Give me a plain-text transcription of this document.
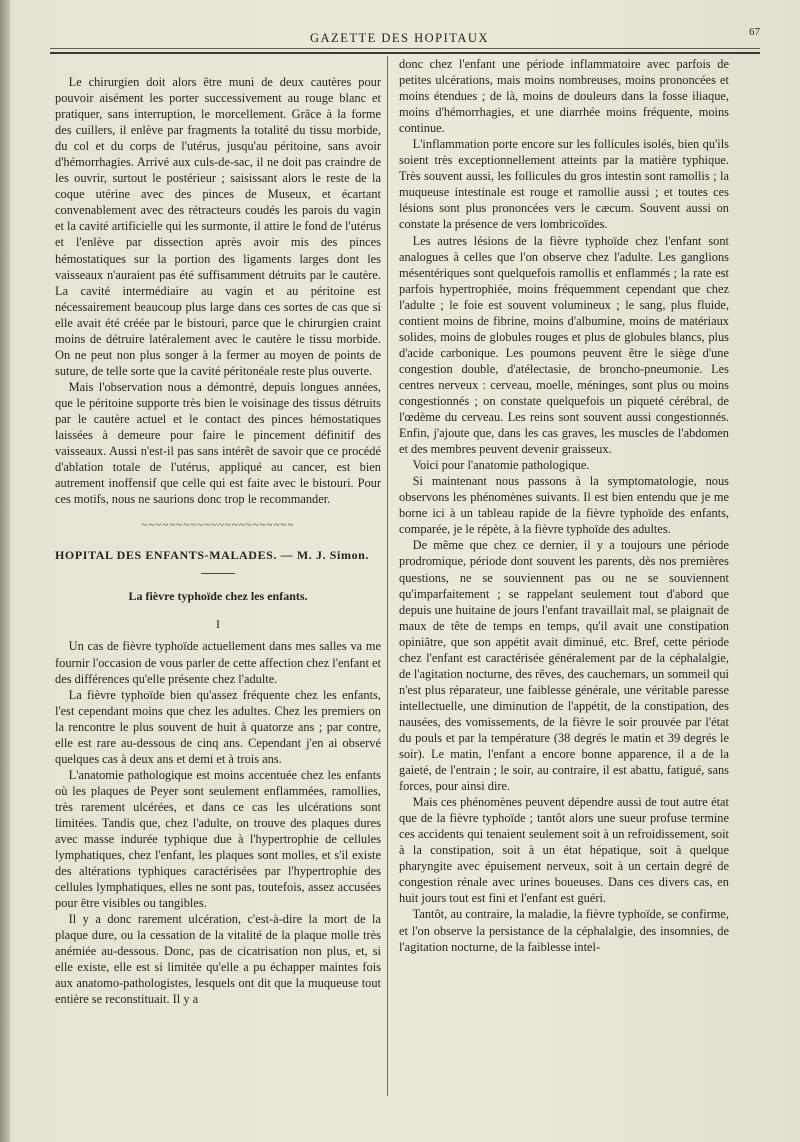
GAZETTE DES HOPITAUX	67

Le chirurgien doit alors être muni de deux cautères pour pouvoir aisément les porter successivement au rouge blanc et pratiquer, sans interruption, le morcellement. Grâce à la forme des cuillers, il enlève par fragments la totalité du tissu morbide, du col et du corps de l'utérus, jusqu'au péritoine, sans avoir d'hémorrhagies. Arrivé aux culs-de-sac, il ne doit pas craindre de les ouvrir, surtout le postérieur ; saisissant alors le reste de la coque utérine avec des pinces de Museux, et écartant convenablement avec des rétracteurs coudés les parois du vagin et la cavité artificielle qui les surmonte, il attire le fond de l'utérus et l'enlève par dissection après avoir mis des pinces hémostatiques sur la portion des ligaments larges dont les vaisseaux n'auraient pas été suffisamment détruits par le cautère. La cavité intermédiaire au vagin et au péritoine est nécessairement beaucoup plus large dans ces sortes de cas que si elle avait été créée par le bistouri, parce que le chirurgien craint moins de détruire latéralement avec le cautère le tissu morbide. On ne peut non plus songer à la fermer au moyen de points de suture, de telle sorte que la cavité péritonéale reste plus ouverte.

Mais l'observation nous a démontré, depuis longues années, que le péritoine supporte très bien le voisinage des tissus détruits par le cautère actuel et le contact des pinces hémostatiques laissées à demeure pour faire le pincement définitif des vaisseaux. Aussi n'est-il pas sans intérêt de savoir que ce procédé d'ablation totale de l'utérus, appliqué au cancer, est bien autrement inoffensif que celle qui est faite avec le bistouri. Pour ces motifs, nous ne saurions donc trop le recommander.

~~~~~~~~~~~~~~~~~~~~~~

HOPITAL DES ENFANTS-MALADES. — M. J. Simon.

La fièvre typhoïde chez les enfants.

I

Un cas de fièvre typhoïde actuellement dans mes salles va me fournir l'occasion de vous parler de cette affection chez l'enfant et des différences qu'elle présente chez l'adulte.

La fièvre typhoïde bien qu'assez fréquente chez les enfants, l'est cependant moins que chez les adultes. Chez les premiers on la rencontre le plus souvent de huit à quatorze ans ; par contre, elle est rare au-dessous de cinq ans. Cependant j'en ai observé quelques cas à deux ans et demi et à trois ans.

L'anatomie pathologique est moins accentuée chez les enfants où les plaques de Peyer sont seulement enflammées, ramollies, très rarement ulcérées, et dans ce cas les ulcérations sont limitées. Tandis que, chez l'adulte, on trouve des plaques dures avec masse indurée typhique due à l'hypertrophie de cellules lymphatiques, chez l'enfant, les plaques sont molles, et s'il existe des altérations typhiques caractérisées par l'hypertrophie des cellules lymphatiques, elles ne sont pas, toutefois, assez accusées pour être visibles ou tangibles.

Il y a donc rarement ulcération, c'est-à-dire la mort de la plaque dure, ou la cessation de la vitalité de la plaque molle très anémiée au-dessous. Donc, pas de cicatrisation non plus, et, si elle existe, elle est si limitée qu'elle a pu échapper maintes fois aux anatomo-pathologistes, lesquels ont dit que la muqueuse tout entière se reconstituait. Il y a

donc chez l'enfant une période inflammatoire avec parfois de petites ulcérations, mais moins nombreuses, moins prononcées et moins étendues ; de là, moins de douleurs dans la fosse iliaque, moins d'hémorrhagies, et une diarrhée moins fréquente, moins continue.

L'inflammation porte encore sur les follicules isolés, bien qu'ils soient très exceptionnellement atteints par la matière typhique. Très souvent aussi, les follicules du gros intestin sont ramollis ; la muqueuse intestinale est rouge et ramollie aussi ; et toutes ces lésions sont plus prononcées vers le cæcum. Souvent aussi on constate la présence de vers lombricoïdes.

Les autres lésions de la fièvre typhoïde chez l'enfant sont analogues à celles que l'on observe chez l'adulte. Les ganglions mésentériques sont quelquefois ramollis et enflammés ; la rate est parfois hypertrophiée, moins fréquemment cependant que chez l'adulte ; le foie est souvent volumineux ; le sang, plus fluide, contient moins de fibrine, moins d'albumine, moins de matériaux solides, moins de globules rouges et plus de globules blancs, plus d'acide carbonique. Les poumons peuvent être le siège d'une congestion double, d'atélectasie, de broncho-pneumonie. Les centres nerveux : cerveau, moelle, méninges, sont plus ou moins congestionnés ; on constate quelquefois un piqueté cérébral, de l'œdème du cerveau. Les reins sont souvent aussi congestionnés. Enfin, j'ajoute que, dans les cas graves, les muscles de l'abdomen et des membres peuvent devenir graisseux.

Voici pour l'anatomie pathologique.

Si maintenant nous passons à la symptomatologie, nous observons les phénomènes suivants. Il est bien entendu que je me borne ici à un tableau rapide de la fièvre typhoïde des enfants, comparée, je le répète, à la fièvre typhoïde des adultes.

De même que chez ce dernier, il y a toujours une période prodromique, période dont souvent les parents, dès nos premières questions, ne se souviennent pas ou ne se souviennent qu'imparfaitement ; se rappelant seulement tout d'abord que depuis une huitaine de jours l'enfant travaillait mal, se plaignait de maux de tête de temps en temps, qu'il avait une constipation opiniâtre, que son appétit avait diminué, etc. Bref, cette période chez l'enfant est caractérisée généralement par de la céphalalgie, de l'agitation nocturne, des rêves, des cauchemars, un sommeil qui n'est plus réparateur, une faiblesse générale, une véritable paresse intellectuelle, une diminution de l'appétit, de la constipation, des nausées, des vomissements, de la fièvre le soir prouvée par l'état du pouls et par la température (38 degrés le matin et 39 degrés le soir). Le matin, l'enfant a encore bonne apparence, il a de la gaieté, de l'entrain ; le soir, au contraire, il est abattu, fatigué, sans forces, pour ainsi dire.

Mais ces phénomènes peuvent dépendre aussi de tout autre état que de la fièvre typhoïde ; tantôt alors une sueur profuse termine ces accidents qui tenaient seulement soit à un refroidissement, soit à la constipation, soit à un état hépatique, soit à quelque pharyngite avec épuisement nerveux, soit à un certain degré de congestion rénale avec urines boueuses. Dans ces divers cas, en huit jours tout est fini et l'enfant est guéri.

Tantôt, au contraire, la maladie, la fièvre typhoïde, se confirme, et l'on observe la persistance de la céphalalgie, des insomnies, de l'agitation nocturne, de la faiblesse intel-
